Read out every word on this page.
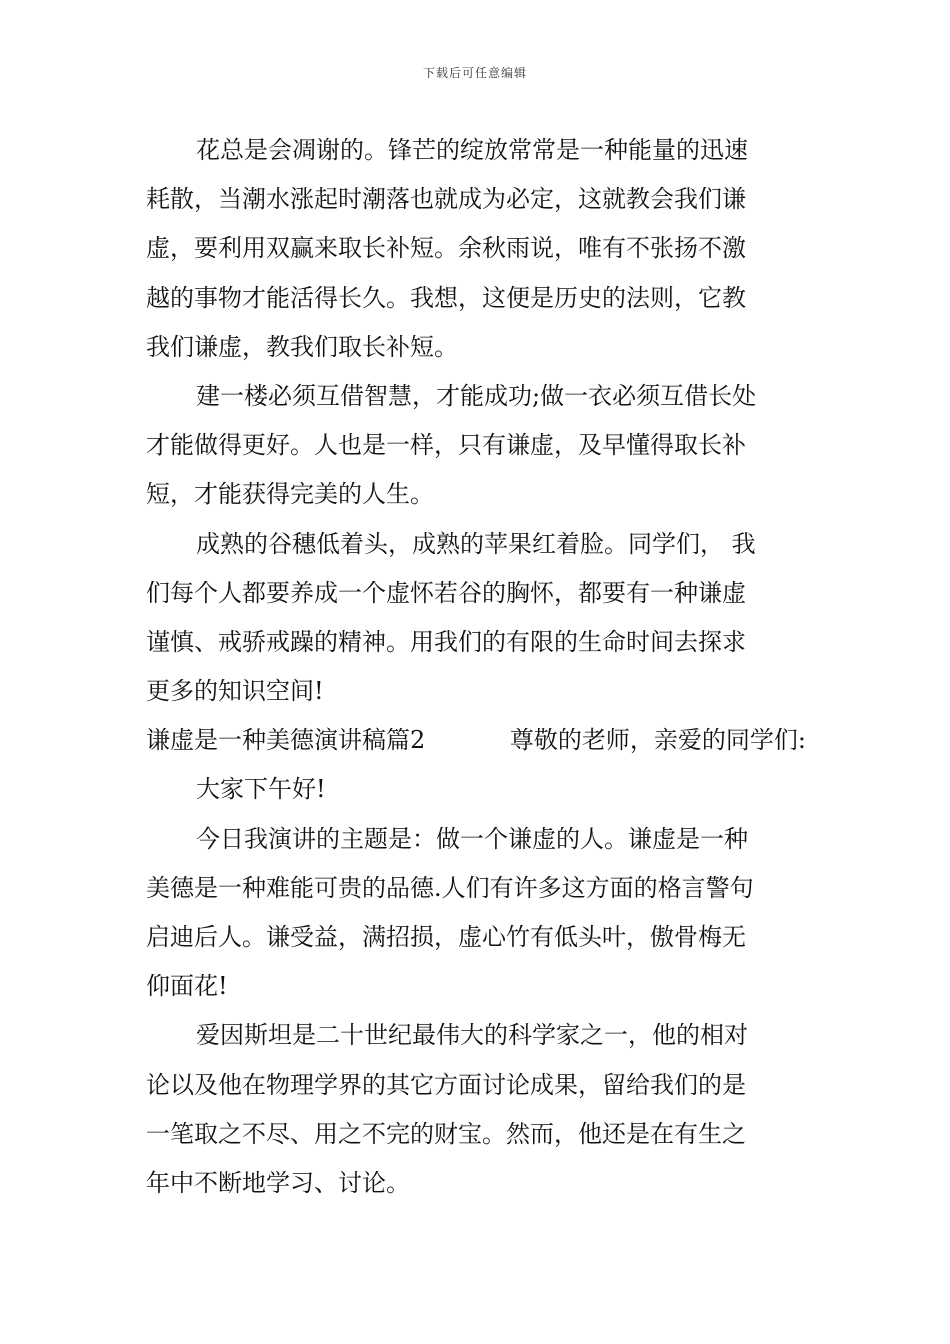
下载后可任意编辑
花总是会凋谢的。锋芒的绽放常常是一种能量的迅速
耗散，当潮水涨起时潮落也就成为必定，这就教会我们谦
虚，要利用双赢来取长补短。余秋雨说，唯有不张扬不激
越的事物才能活得长久。我想，这便是历史的法则，它教
我们谦虚，教我们取长补短。
建一楼必须互借智慧，才能成功;做一衣必须互借长处
才能做得更好。人也是一样，只有谦虚，及早懂得取长补
短，才能获得完美的人生。
成熟的谷穗低着头，成熟的苹果红着脸。同学们， 我
们每个人都要养成一个虚怀若谷的胸怀，都要有一种谦虚
谨慎、戒骄戒躁的精神。用我们的有限的生命时间去探求
更多的知识空间!
谦虚是一种美德演讲稿篇2	尊敬的老师，亲爱的同学们:
大家下午好!
今日我演讲的主题是：做一个谦虚的人。谦虚是一种
美德是一种难能可贵的品德.人们有许多这方面的格言警句
启迪后人。谦受益，满招损，虚心竹有低头叶，傲骨梅无
仰面花!
爱因斯坦是二十世纪最伟大的科学家之一，他的相对
论以及他在物理学界的其它方面讨论成果，留给我们的是
一笔取之不尽、用之不完的财宝。然而，他还是在有生之
年中不断地学习、讨论。
